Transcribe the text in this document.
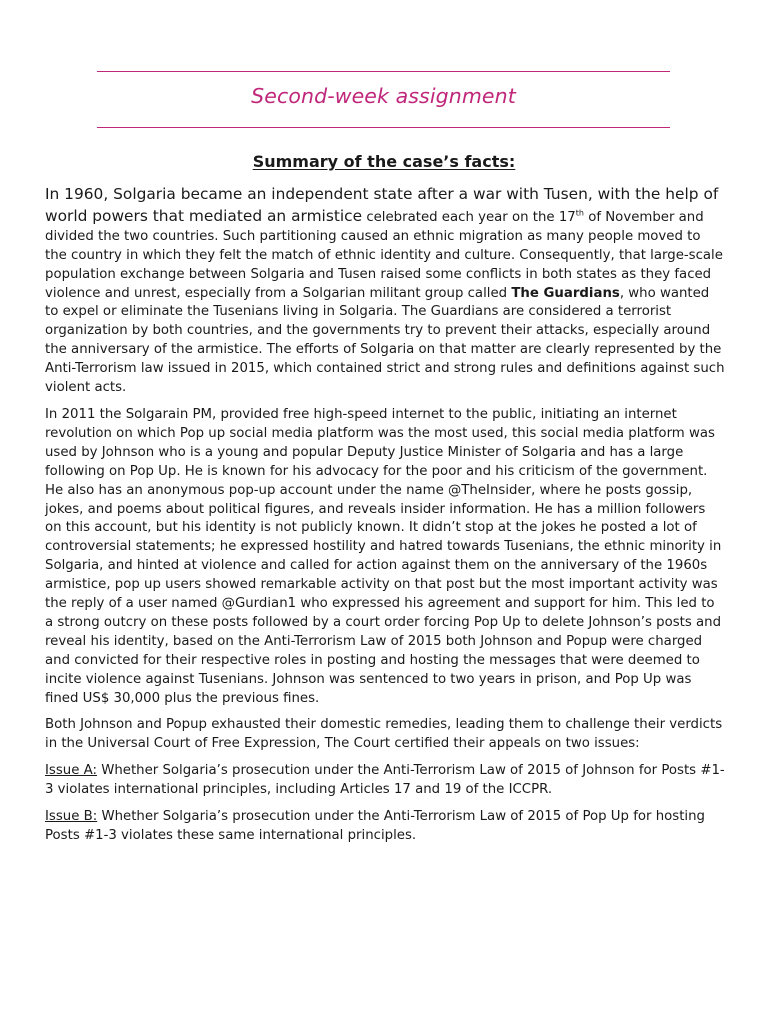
Second-week assignment
Summary of the case’s facts:

In 1960, Solgaria became an independent state after a war with Tusen, with the help of world powers that mediated an armistice celebrated each year on the 17th of November and divided the two countries. Such partitioning caused an ethnic migration as many people moved to the country in which they felt the match of ethnic identity and culture. Consequently, that large-scale population exchange between Solgaria and Tusen raised some conflicts in both states as they faced violence and unrest, especially from a Solgarian militant group called The Guardians, who wanted to expel or eliminate the Tusenians living in Solgaria. The Guardians are considered a terrorist organization by both countries, and the governments try to prevent their attacks, especially around the anniversary of the armistice. The efforts of Solgaria on that matter are clearly represented by the Anti-Terrorism law issued in 2015, which contained strict and strong rules and definitions against such violent acts.

In 2011 the Solgarain PM, provided free high-speed internet to the public, initiating an internet revolution on which Pop up social media platform was the most used, this social media platform was used by Johnson who is a young and popular Deputy Justice Minister of Solgaria and has a large following on Pop Up. He is known for his advocacy for the poor and his criticism of the government. He also has an anonymous pop-up account under the name @TheInsider, where he posts gossip, jokes, and poems about political figures, and reveals insider information. He has a million followers on this account, but his identity is not publicly known. It didn’t stop at the jokes he posted a lot of controversial statements; he expressed hostility and hatred towards Tusenians, the ethnic minority in Solgaria, and hinted at violence and called for action against them on the anniversary of the 1960s armistice, pop up users showed remarkable activity on that post but the most important activity was the reply of a user named @Gurdian1 who expressed his agreement and support for him. This led to a strong outcry on these posts followed by a court order forcing Pop Up to delete Johnson’s posts and reveal his identity, based on the Anti-Terrorism Law of 2015 both Johnson and Popup were charged and convicted for their respective roles in posting and hosting the messages that were deemed to incite violence against Tusenians. Johnson was sentenced to two years in prison, and Pop Up was fined US$ 30,000 plus the previous fines.

Both Johnson and Popup exhausted their domestic remedies, leading them to challenge their verdicts in the Universal Court of Free Expression, The Court certified their appeals on two issues:

Issue A: Whether Solgaria’s prosecution under the Anti-Terrorism Law of 2015 of Johnson for Posts #1-3 violates international principles, including Articles 17 and 19 of the ICCPR.

Issue B: Whether Solgaria’s prosecution under the Anti-Terrorism Law of 2015 of Pop Up for hosting Posts #1-3 violates these same international principles.
